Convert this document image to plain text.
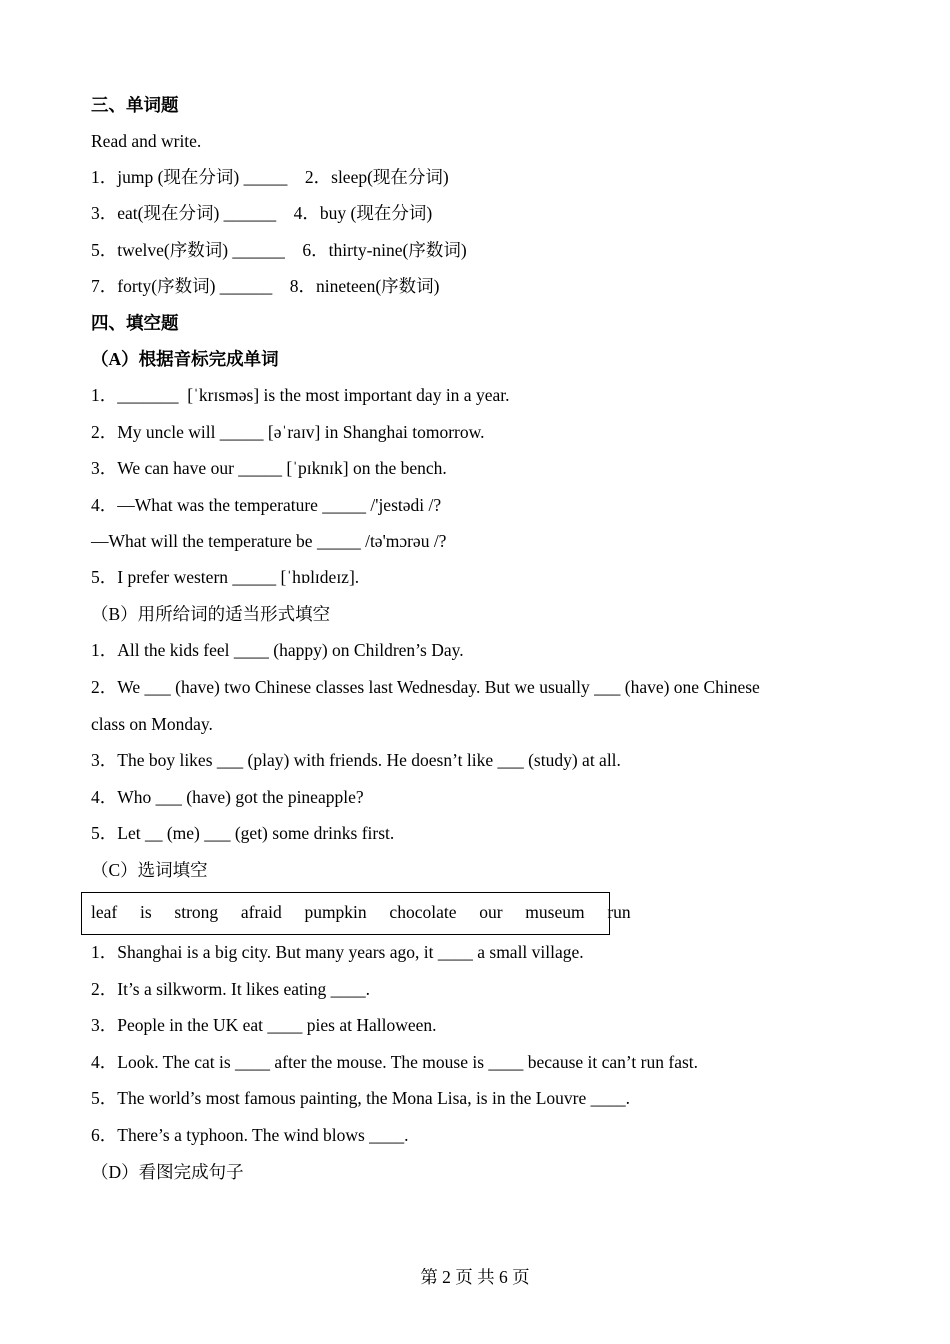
三、单词题
Read and write.
1．jump (现在分词) _____    2．sleep(现在分词)
3．eat(现在分词) ______    4．buy (现在分词)
5．twelve(序数词) ______    6．thirty-nine(序数词)
7．forty(序数词) ______    8．nineteen(序数词)
四、填空题
（A）根据音标完成单词
1．_______  [ˈkrɪsməs] is the most important day in a year.
2．My uncle will _____ [əˈraɪv] in Shanghai tomorrow.
3．We can have our _____ [ˈpɪknɪk] on the bench.
4．—What was the temperature _____ /'jestədi /?
—What will the temperature be _____ /tə'mɔrəu /?
5．I prefer western _____ [ˈhɒlɪdeɪz].
（B）用所给词的适当形式填空
1．All the kids feel ____ (happy) on Children’s Day.
2．We ___ (have) two Chinese classes last Wednesday. But we usually ___ (have) one Chinese
class on Monday.
3．The boy likes ___ (play) with friends. He doesn’t like ___ (study) at all.
4．Who ___ (have) got the pineapple?
5．Let __ (me) ___ (get) some drinks first.
（C）选词填空
leaf  is  strong  afraid  pumpkin  chocolate  our  museum  run
1．Shanghai is a big city. But many years ago, it ____ a small village.
2．It’s a silkworm. It likes eating ____.
3．People in the UK eat ____ pies at Halloween.
4．Look. The cat is ____ after the mouse. The mouse is ____ because it can’t run fast.
5．The world’s most famous painting, the Mona Lisa, is in the Louvre ____.
6．There’s a typhoon. The wind blows ____.
（D）看图完成句子
第 2 页 共 6 页
